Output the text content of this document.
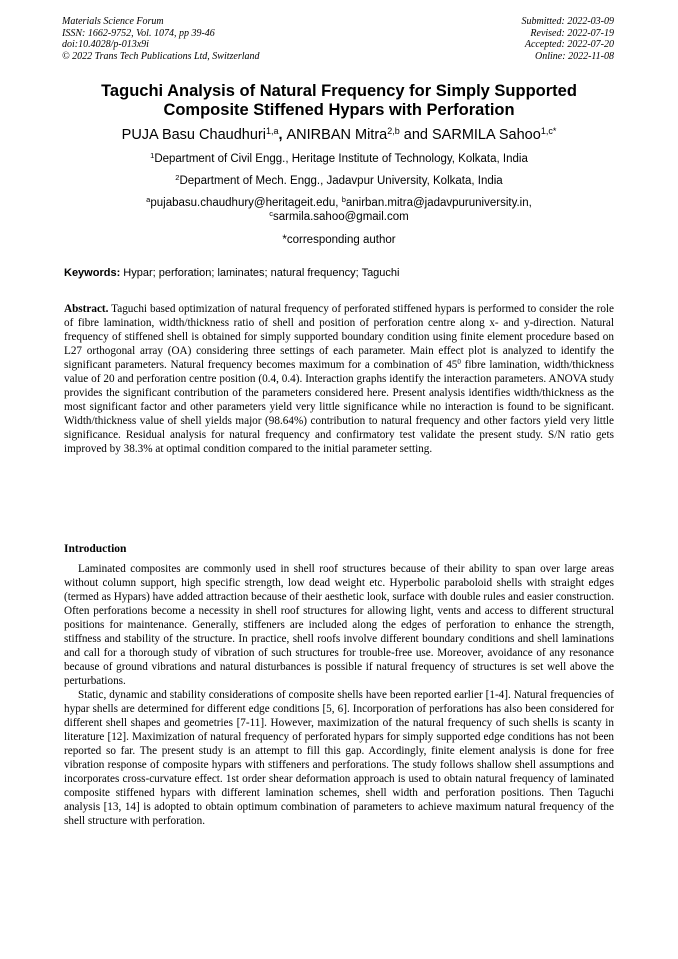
Materials Science Forum
ISSN: 1662-9752, Vol. 1074, pp 39-46
doi:10.4028/p-013x9i
© 2022 Trans Tech Publications Ltd, Switzerland
Submitted: 2022-03-09
Revised: 2022-07-19
Accepted: 2022-07-20
Online: 2022-11-08
Taguchi Analysis of Natural Frequency for Simply Supported
Composite Stiffened Hypars with Perforation
PUJA Basu Chaudhuri$^{1,a}$, ANIRBAN Mitra$^{2,b}$ and SARMILA Sahoo$^{1,c*}$
$^1$Department of Civil Engg., Heritage Institute of Technology, Kolkata, India
$^2$Department of Mech. Engg., Jadavpur University, Kolkata, India
$^a$pujabasu.chaudhury@heritageit.edu, $^b$anirban.mitra@jadavpuruniversity.in,
$^c$sarmila.sahoo@gmail.com
*corresponding author
Keywords: Hypar; perforation; laminates; natural frequency; Taguchi
Abstract. Taguchi based optimization of natural frequency of perforated stiffened hypars is performed to consider the role of fibre lamination, width/thickness ratio of shell and position of perforation centre along x- and y-direction. Natural frequency of stiffened shell is obtained for simply supported boundary condition using finite element procedure based on L27 orthogonal array (OA) considering three settings of each parameter. Main effect plot is analyzed to identify the significant parameters. Natural frequency becomes maximum for a combination of $45^0$ fibre lamination, width/thickness value of 20 and perforation centre position (0.4, 0.4). Interaction graphs identify the interaction parameters. ANOVA study provides the significant contribution of the parameters considered here. Present analysis identifies width/thickness as the most significant factor and other parameters yield very little significance while no interaction is found to be significant. Width/thickness value of shell yields major (98.64%) contribution to natural frequency and other factors yield very little significance. Residual analysis for natural frequency and confirmatory test validate the present study. S/N ratio gets improved by 38.3% at optimal condition compared to the initial parameter setting.
Introduction

Laminated composites are commonly used in shell roof structures because of their ability to span over large areas without column support, high specific strength, low dead weight etc. Hyperbolic paraboloid shells with straight edges (termed as Hypars) have added attraction because of their aesthetic look, surface with double rules and easier construction. Often perforations become a necessity in shell roof structures for allowing light, vents and access to different structural positions for maintenance. Generally, stiffeners are included along the edges of perforation to enhance the strength, stiffness and stability of the structure. In practice, shell roofs involve different boundary conditions and shell laminations and call for a thorough study of vibration of such structures for trouble-free use. Moreover, avoidance of any resonance because of ground vibrations and natural disturbances is possible if natural frequency of structures is set well above the perturbations.

Static, dynamic and stability considerations of composite shells have been reported earlier [1-4]. Natural frequencies of hypar shells are determined for different edge conditions [5, 6]. Incorporation of perforations has also been considered for different shell shapes and geometries [7-11]. However, maximization of the natural frequency of such shells is scanty in literature [12]. Maximization of natural frequency of perforated hypars for simply supported edge conditions has not been reported so far. The present study is an attempt to fill this gap. Accordingly, finite element analysis is done for free vibration response of composite hypars with stiffeners and perforations. The study follows shallow shell assumptions and incorporates cross-curvature effect. 1st order shear deformation approach is used to obtain natural frequency of laminated composite stiffened hypars with different lamination schemes, shell width and perforation positions. Then Taguchi analysis [13, 14] is adopted to obtain optimum combination of parameters to achieve maximum natural frequency of the shell structure with perforation.
